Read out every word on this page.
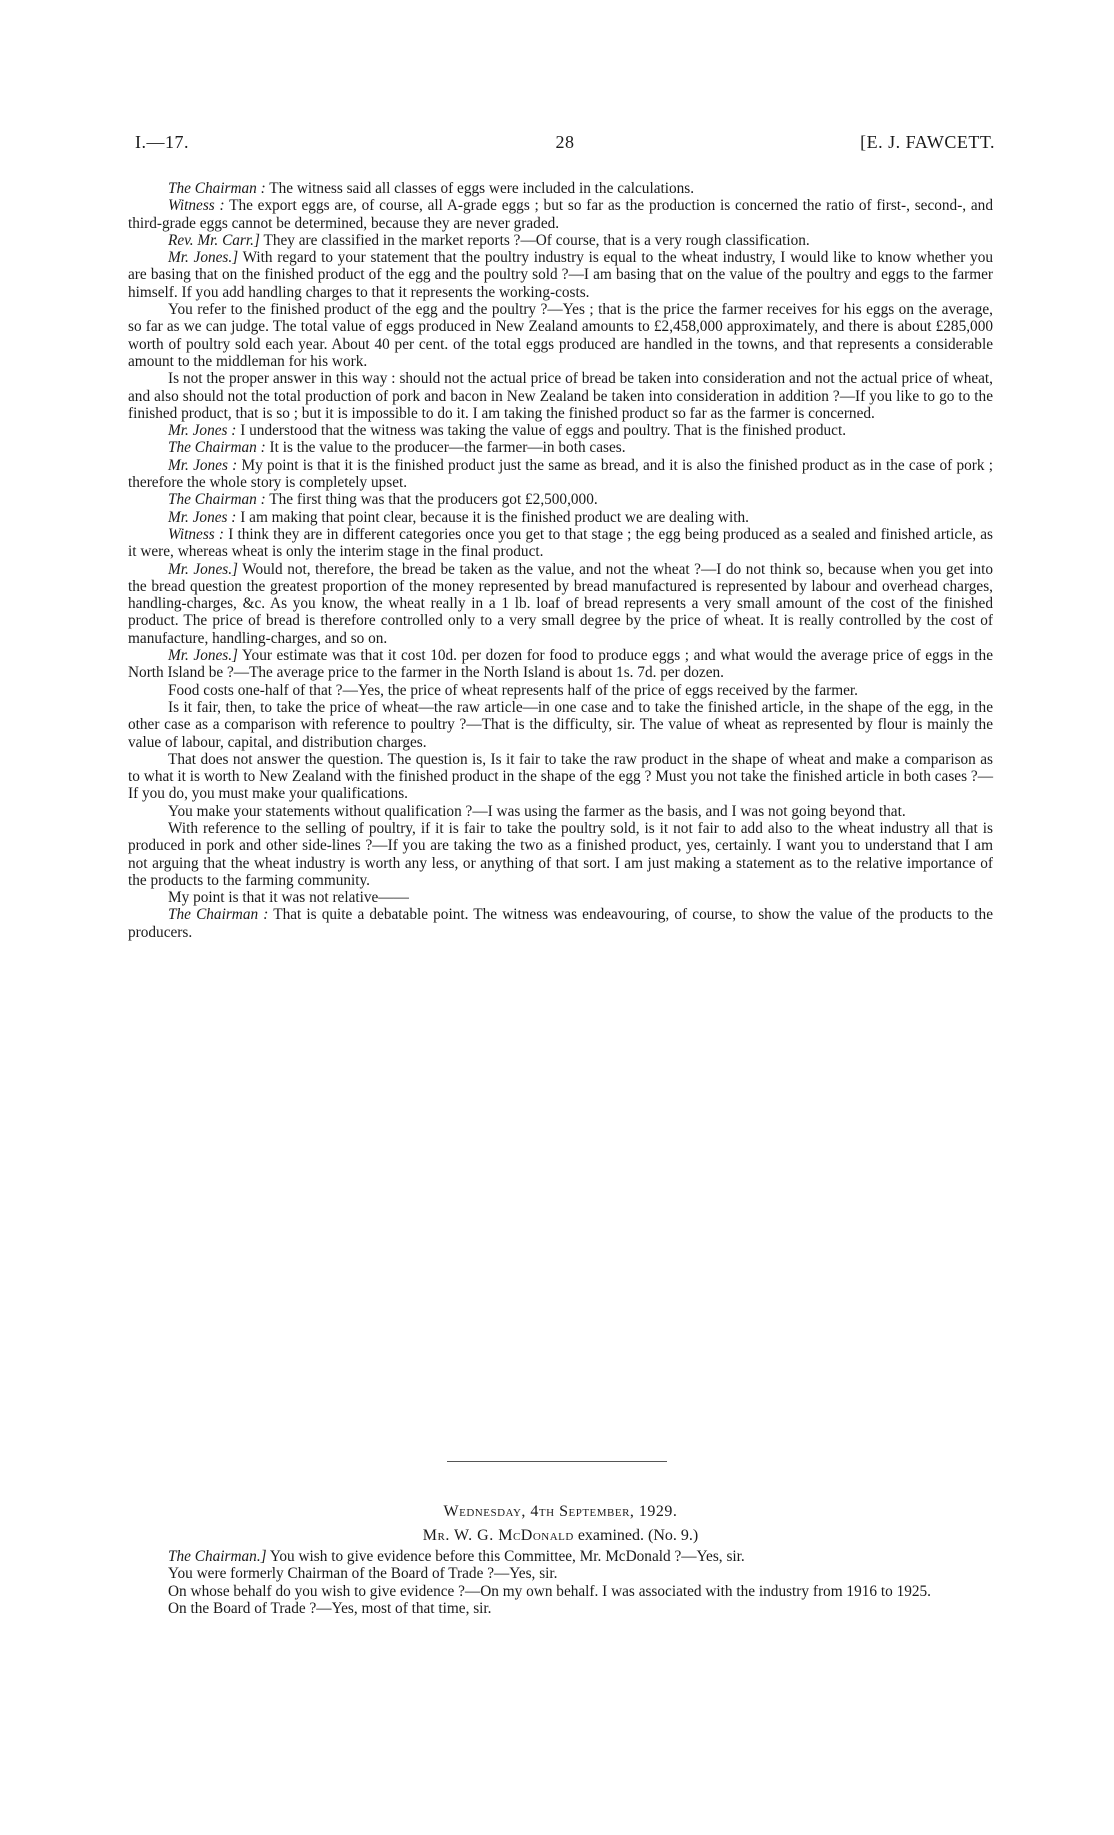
I.—17.	28	[E. J. FAWCETT.

The Chairman : The witness said all classes of eggs were included in the calculations.

Witness : The export eggs are, of course, all A-grade eggs ; but so far as the production is concerned the ratio of first-, second-, and third-grade eggs cannot be determined, because they are never graded.

Rev. Mr. Carr.] They are classified in the market reports ?—Of course, that is a very rough classification.

Mr. Jones.] With regard to your statement that the poultry industry is equal to the wheat industry, I would like to know whether you are basing that on the finished product of the egg and the poultry sold ?—I am basing that on the value of the poultry and eggs to the farmer himself. If you add handling charges to that it represents the working-costs.

You refer to the finished product of the egg and the poultry ?—Yes ; that is the price the farmer receives for his eggs on the average, so far as we can judge. The total value of eggs produced in New Zealand amounts to £2,458,000 approximately, and there is about £285,000 worth of poultry sold each year. About 40 per cent. of the total eggs produced are handled in the towns, and that represents a considerable amount to the middleman for his work.

Is not the proper answer in this way : should not the actual price of bread be taken into consideration and not the actual price of wheat, and also should not the total production of pork and bacon in New Zealand be taken into consideration in addition ?—If you like to go to the finished product, that is so ; but it is impossible to do it. I am taking the finished product so far as the farmer is concerned.

Mr. Jones : I understood that the witness was taking the value of eggs and poultry. That is the finished product.

The Chairman : It is the value to the producer—the farmer—in both cases.

Mr. Jones : My point is that it is the finished product just the same as bread, and it is also the finished product as in the case of pork ; therefore the whole story is completely upset.

The Chairman : The first thing was that the producers got £2,500,000.

Mr. Jones : I am making that point clear, because it is the finished product we are dealing with.

Witness : I think they are in different categories once you get to that stage ; the egg being produced as a sealed and finished article, as it were, whereas wheat is only the interim stage in the final product.

Mr. Jones.] Would not, therefore, the bread be taken as the value, and not the wheat ?—I do not think so, because when you get into the bread question the greatest proportion of the money represented by bread manufactured is represented by labour and overhead charges, handling-charges, &c. As you know, the wheat really in a 1 lb. loaf of bread represents a very small amount of the cost of the finished product. The price of bread is therefore controlled only to a very small degree by the price of wheat. It is really controlled by the cost of manufacture, handling-charges, and so on.

Mr. Jones.] Your estimate was that it cost 10d. per dozen for food to produce eggs ; and what would the average price of eggs in the North Island be ?—The average price to the farmer in the North Island is about 1s. 7d. per dozen.

Food costs one-half of that ?—Yes, the price of wheat represents half of the price of eggs received by the farmer.

Is it fair, then, to take the price of wheat—the raw article—in one case and to take the finished article, in the shape of the egg, in the other case as a comparison with reference to poultry ?—That is the difficulty, sir. The value of wheat as represented by flour is mainly the value of labour, capital, and distribution charges.

That does not answer the question. The question is, Is it fair to take the raw product in the shape of wheat and make a comparison as to what it is worth to New Zealand with the finished product in the shape of the egg ? Must you not take the finished article in both cases ?—If you do, you must make your qualifications.

You make your statements without qualification ?—I was using the farmer as the basis, and I was not going beyond that.

With reference to the selling of poultry, if it is fair to take the poultry sold, is it not fair to add also to the wheat industry all that is produced in pork and other side-lines ?—If you are taking the two as a finished product, yes, certainly. I want you to understand that I am not arguing that the wheat industry is worth any less, or anything of that sort. I am just making a statement as to the relative importance of the products to the farming community.

My point is that it was not relative——

The Chairman : That is quite a debatable point. The witness was endeavouring, of course, to show the value of the products to the producers.

Wednesday, 4th September, 1929.

Mr. W. G. McDonald examined. (No. 9.)

The Chairman.] You wish to give evidence before this Committee, Mr. McDonald ?—Yes, sir.

You were formerly Chairman of the Board of Trade ?—Yes, sir.

On whose behalf do you wish to give evidence ?—On my own behalf. I was associated with the industry from 1916 to 1925.

On the Board of Trade ?—Yes, most of that time, sir.
